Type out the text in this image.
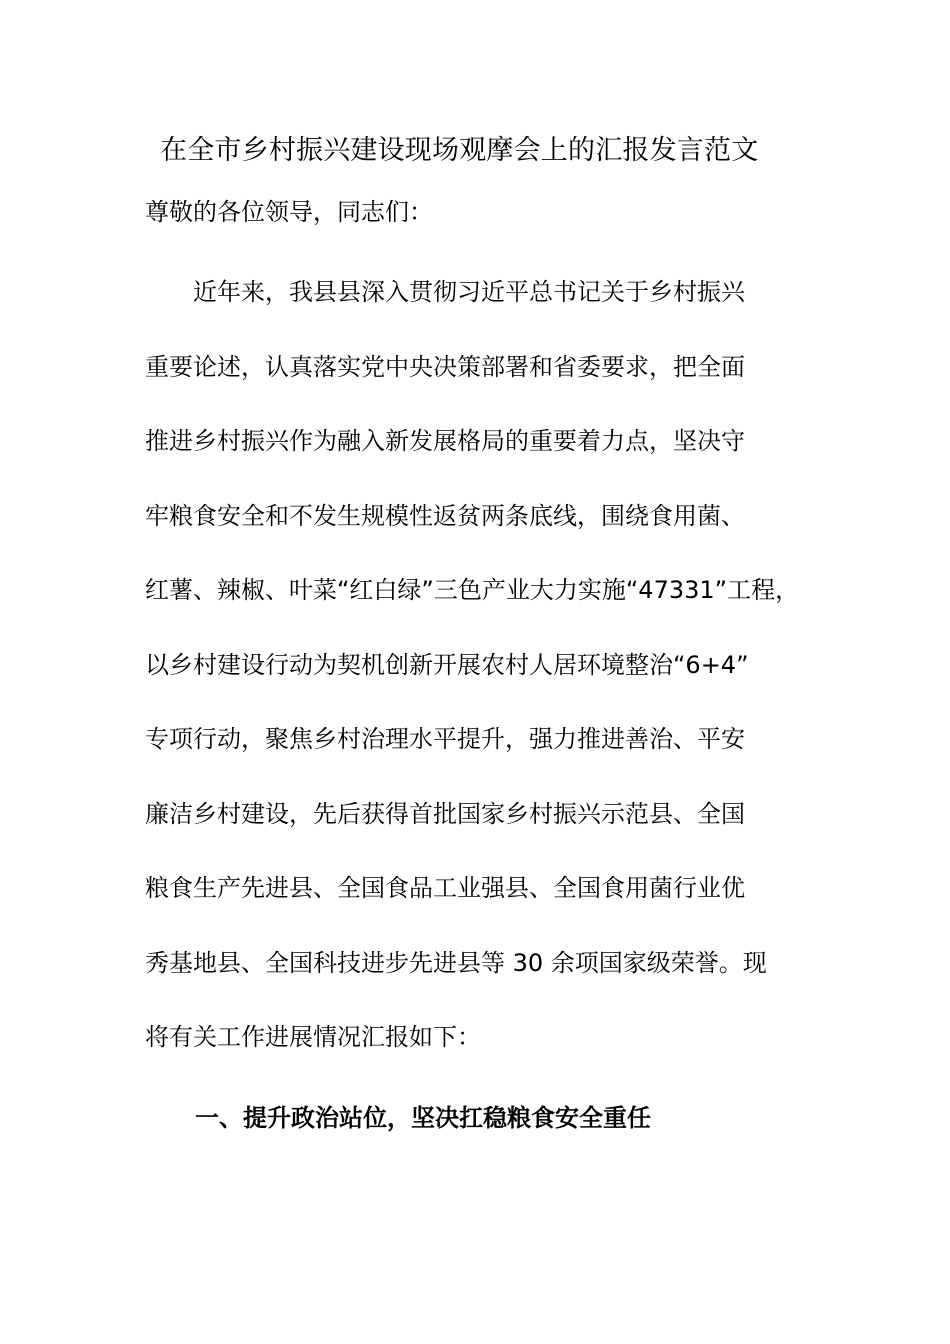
在全市乡村振兴建设现场观摩会上的汇报发言范文
尊敬的各位领导，同志们：
　　近年来，我县县深入贯彻习近平总书记关于乡村振兴
重要论述，认真落实党中央决策部署和省委要求，把全面
推进乡村振兴作为融入新发展格局的重要着力点，坚决守
牢粮食安全和不发生规模性返贫两条底线，围绕食用菌、
红薯、辣椒、叶菜“红白绿”三色产业大力实施“47331”工程，
以乡村建设行动为契机创新开展农村人居环境整治“6+4”
专项行动，聚焦乡村治理水平提升，强力推进善治、平安
廉洁乡村建设，先后获得首批国家乡村振兴示范县、全国
粮食生产先进县、全国食品工业强县、全国食用菌行业优
秀基地县、全国科技进步先进县等 30 余项国家级荣誉。现
将有关工作进展情况汇报如下：
一、提升政治站位，坚决扛稳粮食安全重任
